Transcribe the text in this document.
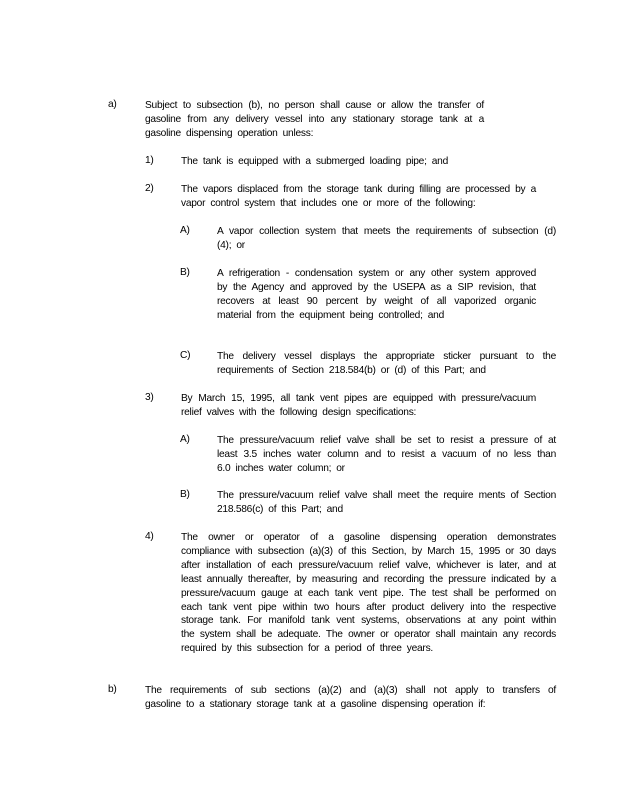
a)	Subject to subsection (b), no person shall cause or allow the transfer of gasoline from any delivery vessel into any stationary storage tank at a gasoline dispensing operation unless:
1)	The tank is equipped with a submerged loading pipe; and
2)	The vapors displaced from the storage tank during filling are processed by a vapor control system that includes one or more of the following:
A)	A vapor collection system that meets the requirements of subsection (d)(4); or
B)	A refrigeration - condensation system or any other system approved by the Agency and approved by the USEPA as a SIP revision, that recovers at least 90 percent by weight of all vaporized organic material from the equipment being controlled; and
C)	The delivery vessel displays the appropriate sticker pursuant to the requirements of Section 218.584(b) or (d) of this Part; and
3)	By March 15, 1995, all tank vent pipes are equipped with pressure/vacuum relief valves with the following design specifications:
A)	The pressure/vacuum relief valve shall be set to resist a pressure of at least 3.5 inches water column and to resist a vacuum of no less than 6.0 inches water column; or
B)	The pressure/vacuum relief valve shall meet the require ments of Section 218.586(c) of this Part; and
4)	The owner or operator of a gasoline dispensing operation demonstrates compliance with subsection (a)(3) of this Section, by March 15, 1995 or 30 days after installation of each pressure/vacuum relief valve, whichever is later, and at least annually thereafter, by measuring and recording the pressure indicated by a pressure/vacuum gauge at each tank vent pipe. The test shall be performed on each tank vent pipe within two hours after product delivery into the respective storage tank. For manifold tank vent systems, observations at any point within the system shall be adequate. The owner or operator shall maintain any records required by this subsection for a period of three years.
b)	The requirements of sub sections (a)(2) and (a)(3) shall not apply to transfers of gasoline to a stationary storage tank at a gasoline dispensing operation if:
